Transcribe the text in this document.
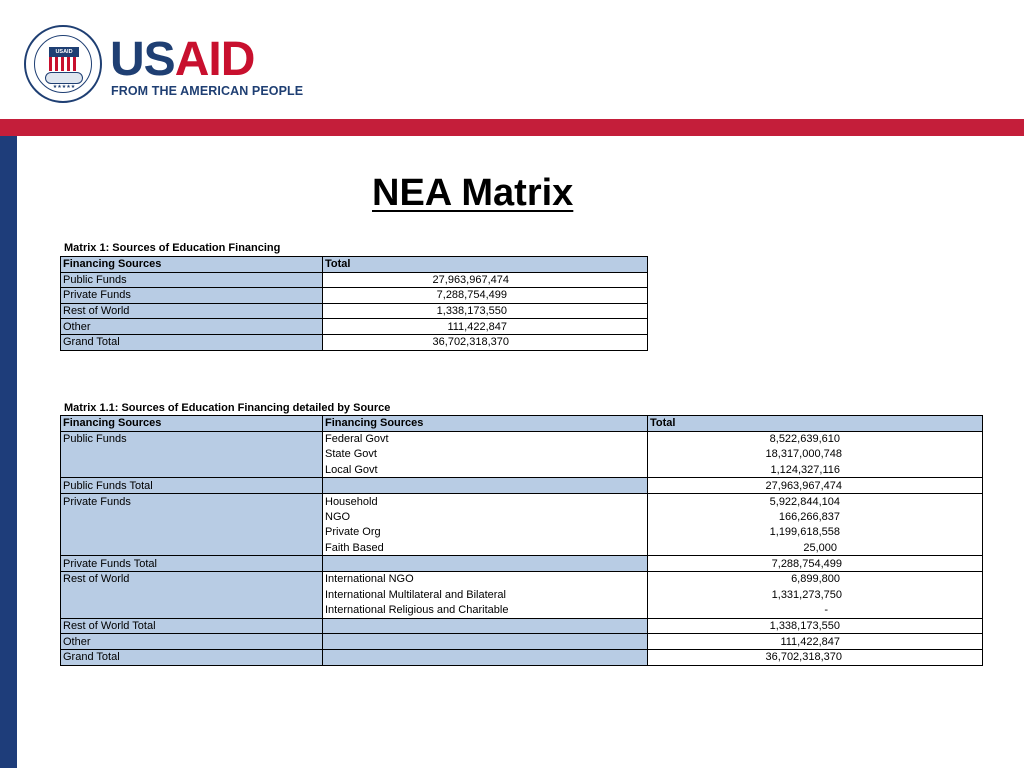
USAID
★★★★★
USAID
FROM THE AMERICAN PEOPLE
NEA Matrix
Matrix 1: Sources of Education Financing
Financing Sources	Total
Public Funds	27,963,967,474
Private Funds	7,288,754,499
Rest of World	1,338,173,550
Other	111,422,847
Grand Total	36,702,318,370
Matrix 1.1: Sources of Education Financing detailed by Source
Financing Sources	Financing Sources	Total
Public Funds	Federal Govt	8,522,639,610
	State Govt	18,317,000,748
	Local Govt	1,124,327,116
Public Funds Total		27,963,967,474
Private Funds	Household	5,922,844,104
	NGO	166,266,837
	Private Org	1,199,618,558
	Faith Based	25,000
Private Funds Total		7,288,754,499
Rest of World	International NGO	6,899,800
	International Multilateral and Bilateral	1,331,273,750
	International Religious and Charitable	-
Rest of World Total		1,338,173,550
Other		111,422,847
Grand Total		36,702,318,370
